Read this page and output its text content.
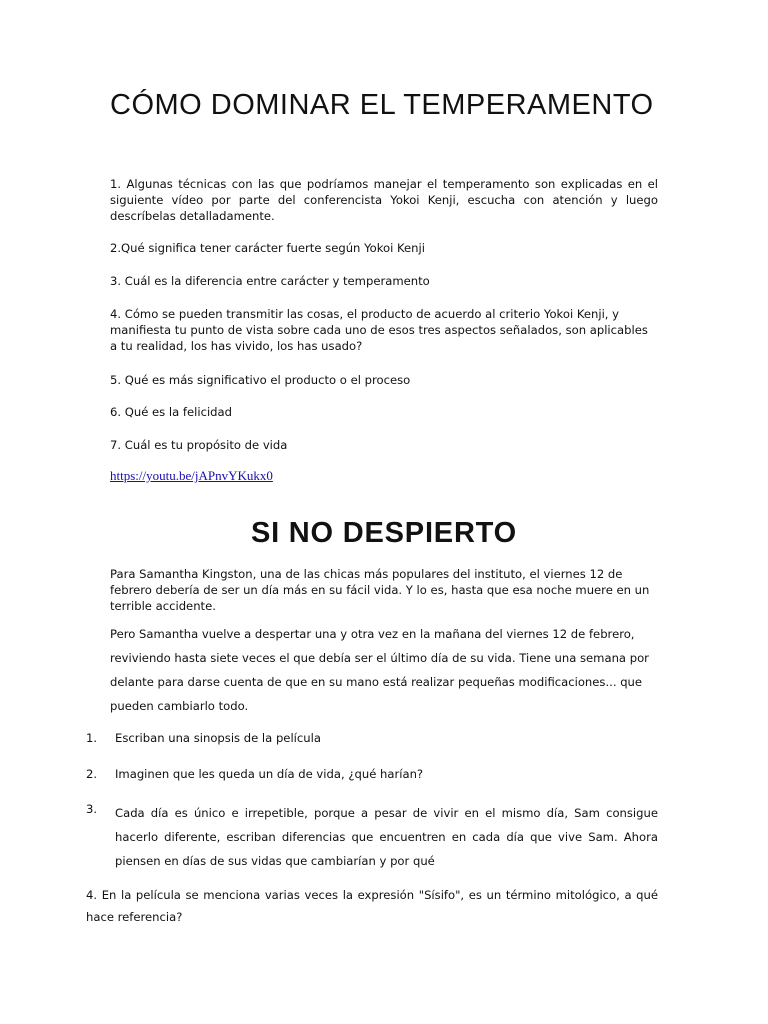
CÓMO DOMINAR EL TEMPERAMENTO

1. Algunas técnicas con las que podríamos manejar el temperamento son explicadas en el siguiente vídeo por parte del conferencista Yokoi Kenji, escucha con atención y luego descríbelas detalladamente.

2.Qué significa tener carácter fuerte según Yokoi Kenji

3. Cuál es la diferencia entre carácter y temperamento

4. Cómo se pueden transmitir las cosas, el producto de acuerdo al criterio Yokoi Kenji, y manifiesta tu punto de vista sobre cada uno de esos tres aspectos señalados, son aplicables a tu realidad, los has vivido, los has usado?

5. Qué es más significativo el producto o el proceso

6. Qué es la felicidad

7. Cuál es tu propósito de vida

https://youtu.be/jAPnvYKukx0
SI NO DESPIERTO

Para Samantha Kingston, una de las chicas más populares del instituto, el viernes 12 de febrero debería de ser un día más en su fácil vida. Y lo es, hasta que esa noche muere en un terrible accidente.

Pero Samantha vuelve a despertar una y otra vez en la mañana del viernes 12 de febrero, reviviendo hasta siete veces el que debía ser el último día de su vida. Tiene una semana por delante para darse cuenta de que en su mano está realizar pequeñas modificaciones... que pueden cambiarlo todo.

1. Escriban una sinopsis de la película

2. Imaginen que les queda un día de vida, ¿qué harían?

3. Cada día es único e irrepetible, porque a pesar de vivir en el mismo día, Sam consigue hacerlo diferente, escriban diferencias que encuentren en cada día que vive Sam. Ahora piensen en días de sus vidas que cambiarían y por qué

4. En la película se menciona varias veces la expresión "Sísifo", es un término mitológico, a qué hace referencia?
